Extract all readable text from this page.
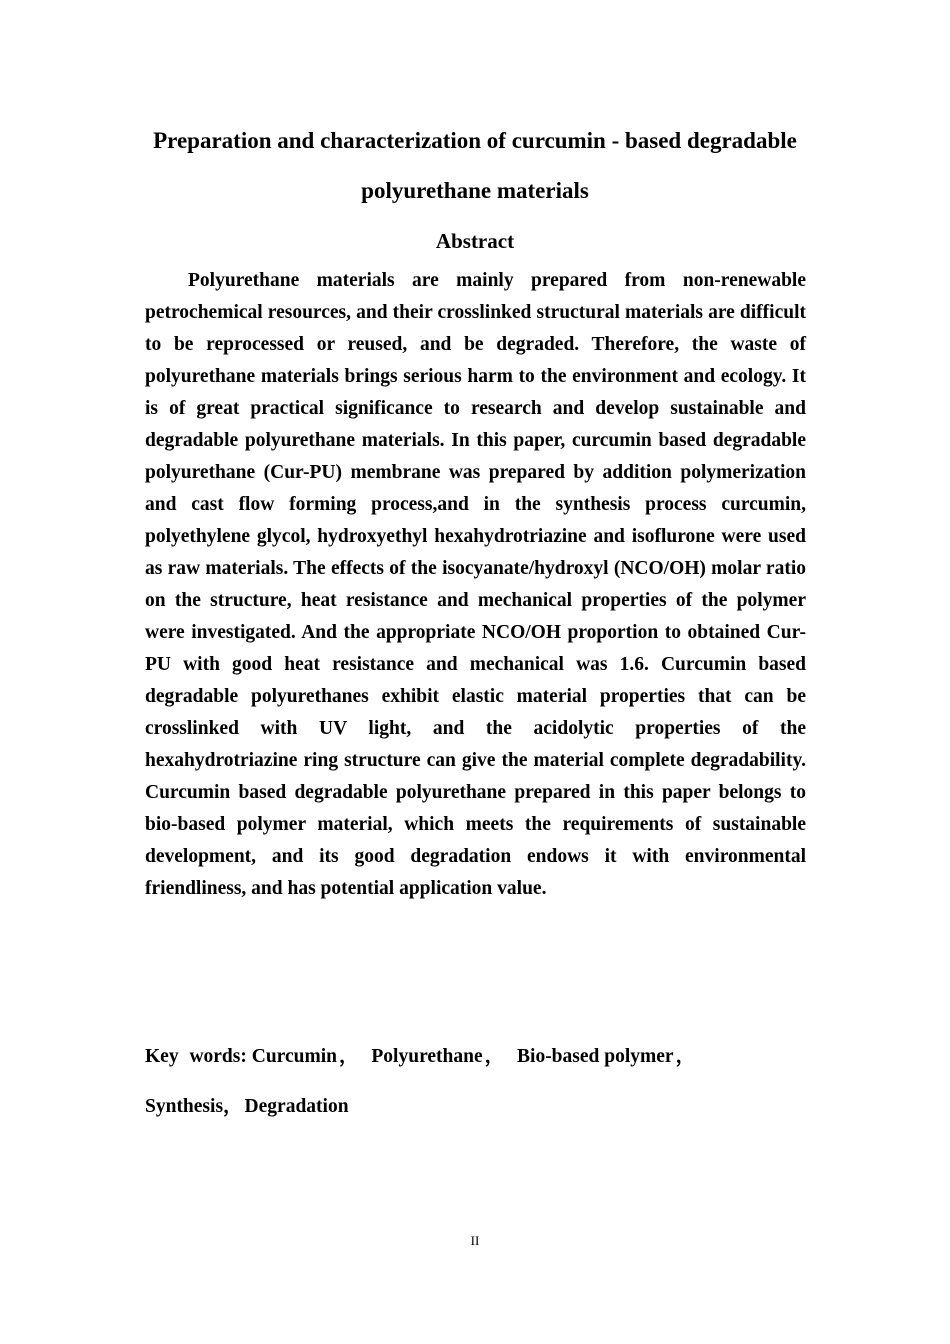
Preparation and characterization of curcumin - based degradable polyurethane materials
Abstract

Polyurethane materials are mainly prepared from non-renewable petrochemical resources, and their crosslinked structural materials are difficult to be reprocessed or reused, and be degraded. Therefore, the waste of polyurethane materials brings serious harm to the environment and ecology. It is of great practical significance to research and develop sustainable and degradable polyurethane materials. In this paper, curcumin based degradable polyurethane (Cur-PU) membrane was prepared by addition polymerization and cast flow forming process,and in the synthesis process curcumin, polyethylene glycol, hydroxyethyl hexahydrotriazine and isoflurone were used as raw materials. The effects of the isocyanate/hydroxyl (NCO/OH) molar ratio on the structure, heat resistance and mechanical properties of the polymer were investigated. And the appropriate NCO/OH proportion to obtained Cur-PU with good heat resistance and mechanical was 1.6. Curcumin based degradable polyurethanes exhibit elastic material properties that can be crosslinked with UV light, and the acidolytic properties of the hexahydrotriazine ring structure can give the material complete degradability. Curcumin based degradable polyurethane prepared in this paper belongs to bio-based polymer material, which meets the requirements of sustainable development, and its good degradation endows it with environmental friendliness, and has potential application value.

Key words: Curcumin ， Polyurethane ， Bio-based polymer ， Synthesis， Degradation

II
